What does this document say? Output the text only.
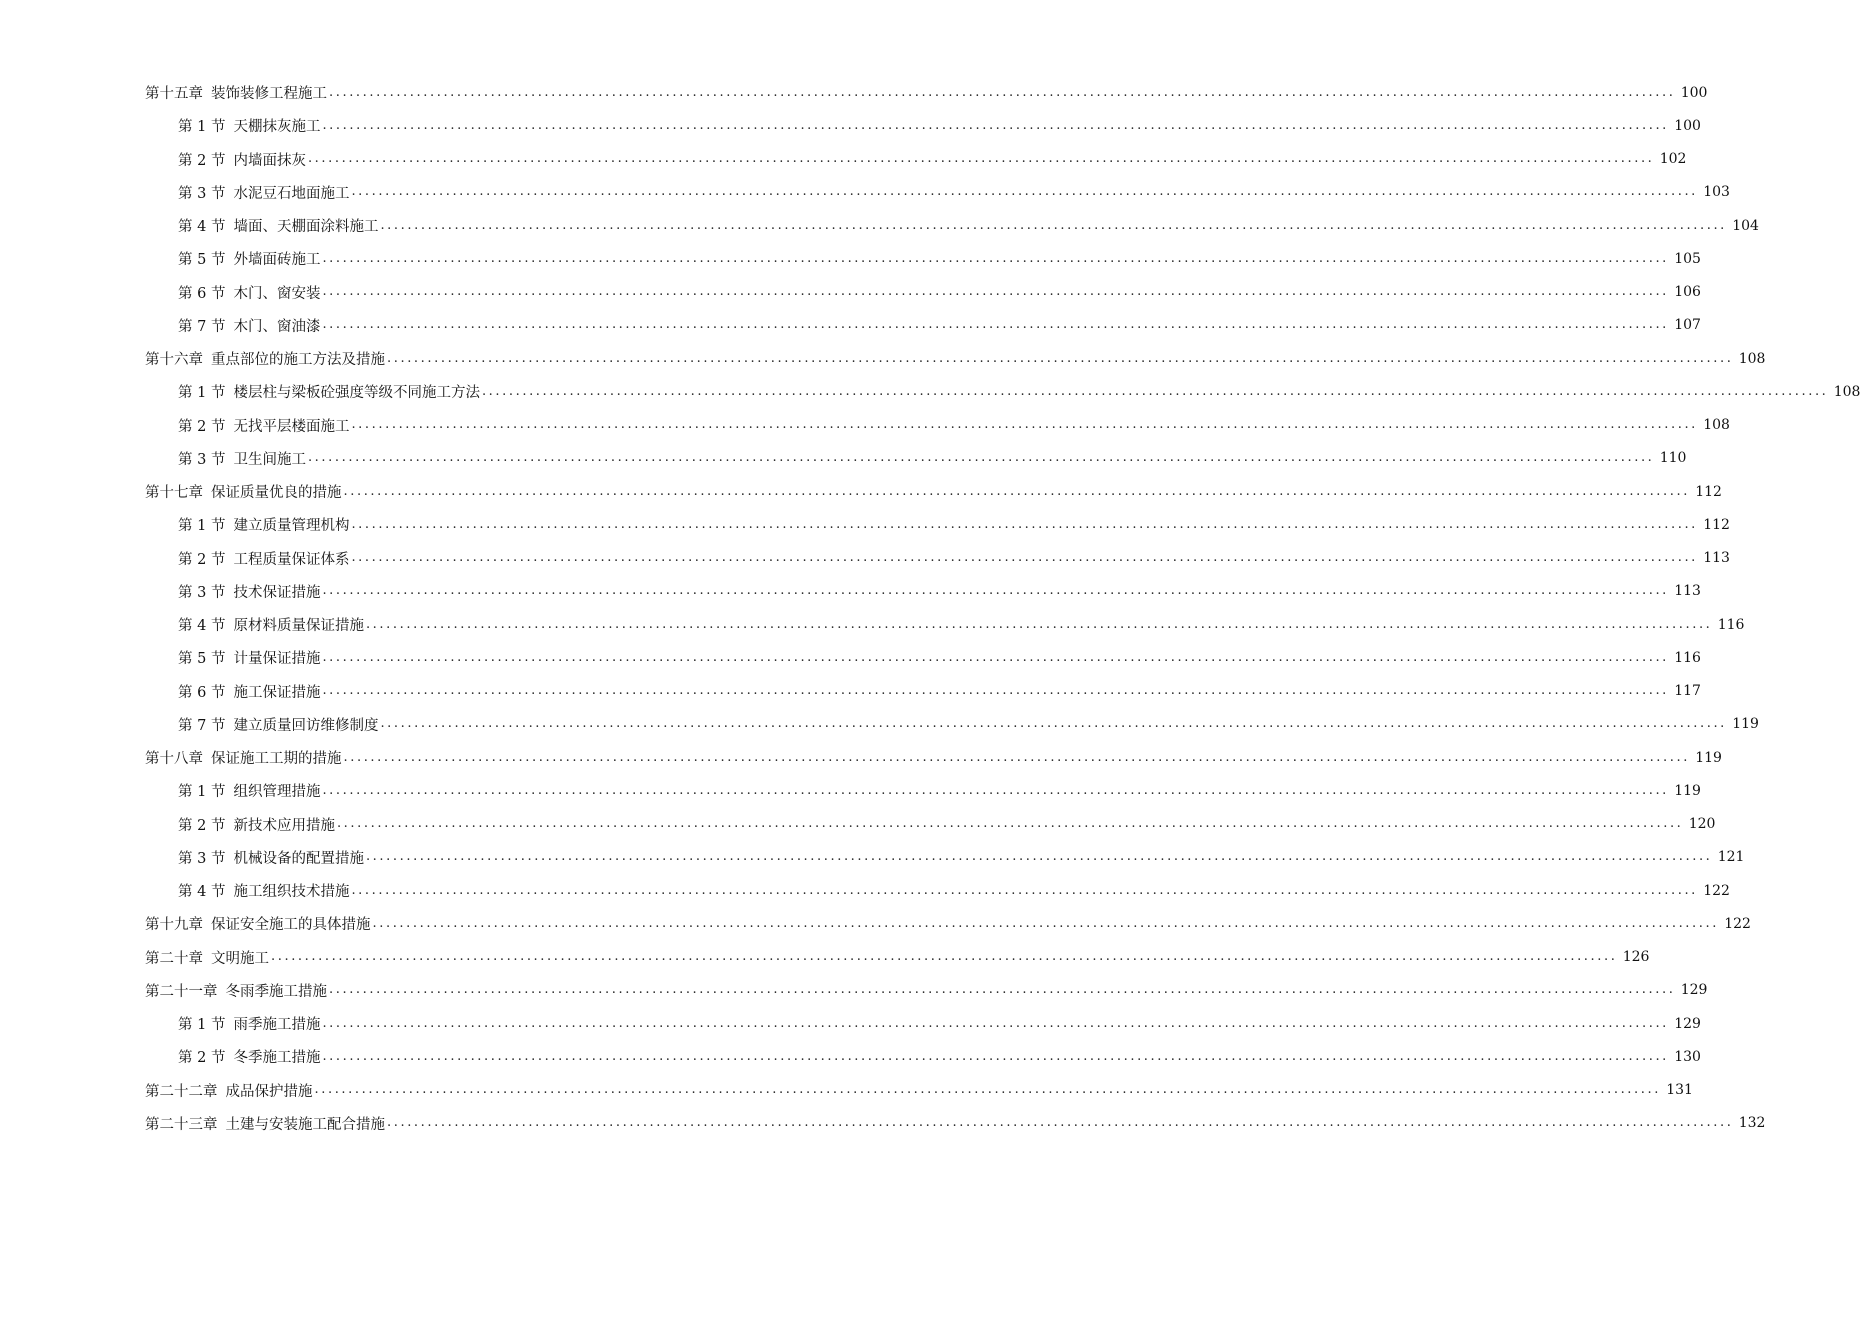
第十五章 装饰装修工程施工 ........................................................................................................................................................................................................ 100
第 1 节 天棚抹灰施工 ........................................................................................................................................................................................................ 100
第 2 节 内墙面抹灰 ........................................................................................................................................................................................................ 102
第 3 节 水泥豆石地面施工 ........................................................................................................................................................................................................ 103
第 4 节 墙面、天棚面涂料施工 ........................................................................................................................................................................................................ 104
第 5 节 外墙面砖施工 ........................................................................................................................................................................................................ 105
第 6 节 木门、窗安装 ........................................................................................................................................................................................................ 106
第 7 节 木门、窗油漆 ........................................................................................................................................................................................................ 107
第十六章 重点部位的施工方法及措施 ........................................................................................................................................................................................................ 108
第 1 节 楼层柱与梁板砼强度等级不同施工方法 ........................................................................................................................................................................................................ 108
第 2 节 无找平层楼面施工 ........................................................................................................................................................................................................ 108
第 3 节 卫生间施工 ........................................................................................................................................................................................................ 110
第十七章 保证质量优良的措施 ........................................................................................................................................................................................................ 112
第 1 节 建立质量管理机构 ........................................................................................................................................................................................................ 112
第 2 节 工程质量保证体系 ........................................................................................................................................................................................................ 113
第 3 节 技术保证措施 ........................................................................................................................................................................................................ 113
第 4 节 原材料质量保证措施 ........................................................................................................................................................................................................ 116
第 5 节 计量保证措施 ........................................................................................................................................................................................................ 116
第 6 节 施工保证措施 ........................................................................................................................................................................................................ 117
第 7 节 建立质量回访维修制度 ........................................................................................................................................................................................................ 119
第十八章 保证施工工期的措施 ........................................................................................................................................................................................................ 119
第 1 节 组织管理措施 ........................................................................................................................................................................................................ 119
第 2 节 新技术应用措施 ........................................................................................................................................................................................................ 120
第 3 节 机械设备的配置措施 ........................................................................................................................................................................................................ 121
第 4 节 施工组织技术措施 ........................................................................................................................................................................................................ 122
第十九章 保证安全施工的具体措施 ........................................................................................................................................................................................................ 122
第二十章 文明施工 ........................................................................................................................................................................................................ 126
第二十一章 冬雨季施工措施 ........................................................................................................................................................................................................ 129
第 1 节 雨季施工措施 ........................................................................................................................................................................................................ 129
第 2 节 冬季施工措施 ........................................................................................................................................................................................................ 130
第二十二章 成品保护措施 ........................................................................................................................................................................................................ 131
第二十三章 土建与安装施工配合措施 ........................................................................................................................................................................................................ 132
